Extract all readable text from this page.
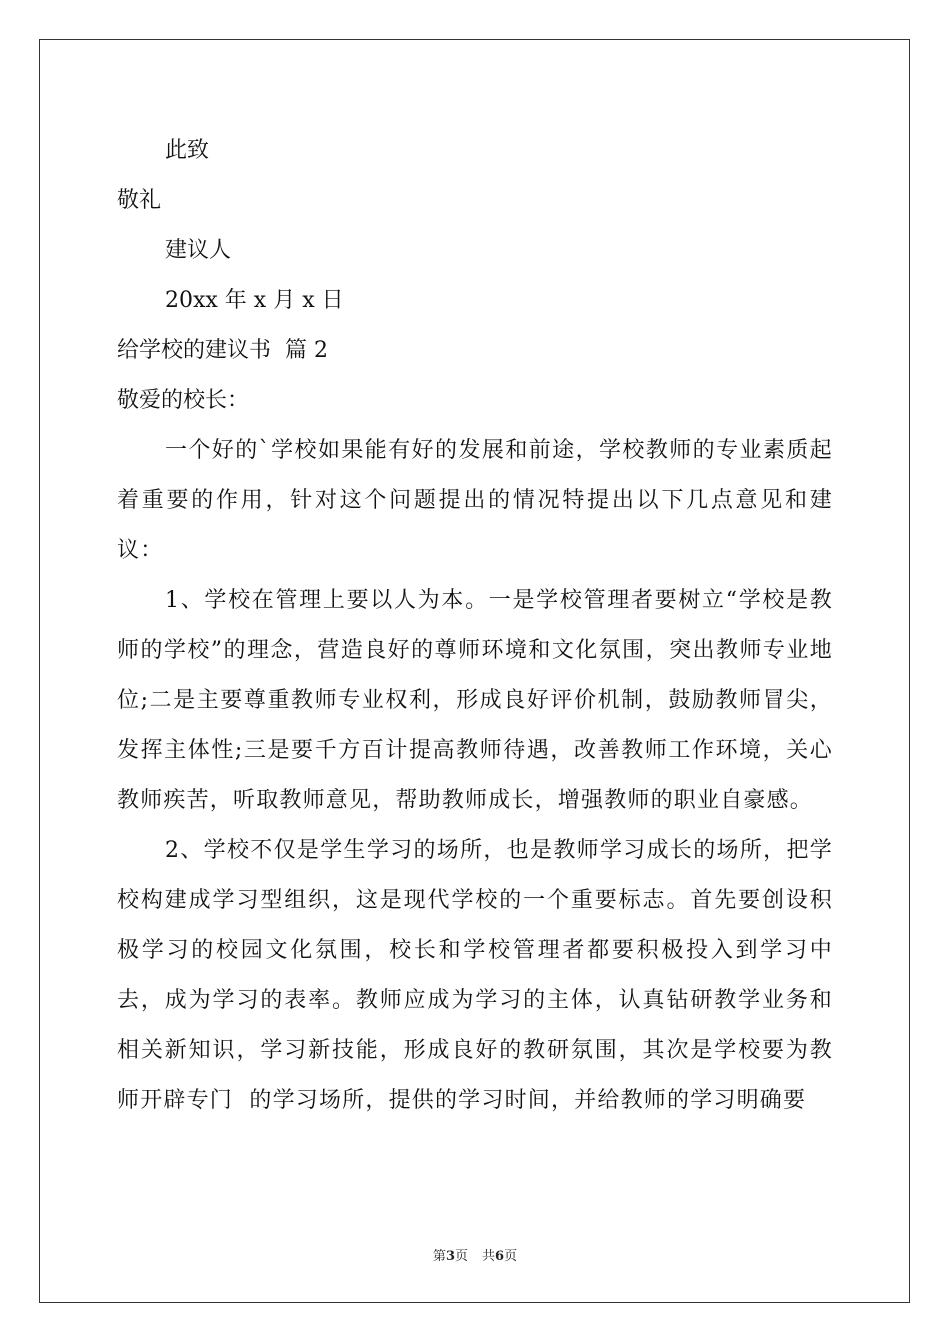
此致
敬礼
建议人
20xx 年 x 月 x 日
给学校的建议书  篇 2
敬爱的校长：

一个好的`学校如果能有好的发展和前途，学校教师的专业素质起着重要的作用，针对这个问题提出的情况特提出以下几点意见和建议：

1、学校在管理上要以人为本。一是学校管理者要树立“学校是教师的学校”的理念，营造良好的尊师环境和文化氛围，突出教师专业地位;二是主要尊重教师专业权利，形成良好评价机制，鼓励教师冒尖，发挥主体性;三是要千方百计提高教师待遇，改善教师工作环境，关心教师疾苦，听取教师意见，帮助教师成长，增强教师的职业自豪感。

2、学校不仅是学生学习的场所，也是教师学习成长的场所，把学校构建成学习型组织，这是现代学校的一个重要标志。首先要创设积极学习的校园文化氛围，校长和学校管理者都要积极投入到学习中去，成为学习的表率。教师应成为学习的主体，认真钻研教学业务和相关新知识，学习新技能，形成良好的教研氛围，其次是学校要为教师开辟专门  的学习场所，提供的学习时间，并给教师的学习明确要

第3页 共6页
